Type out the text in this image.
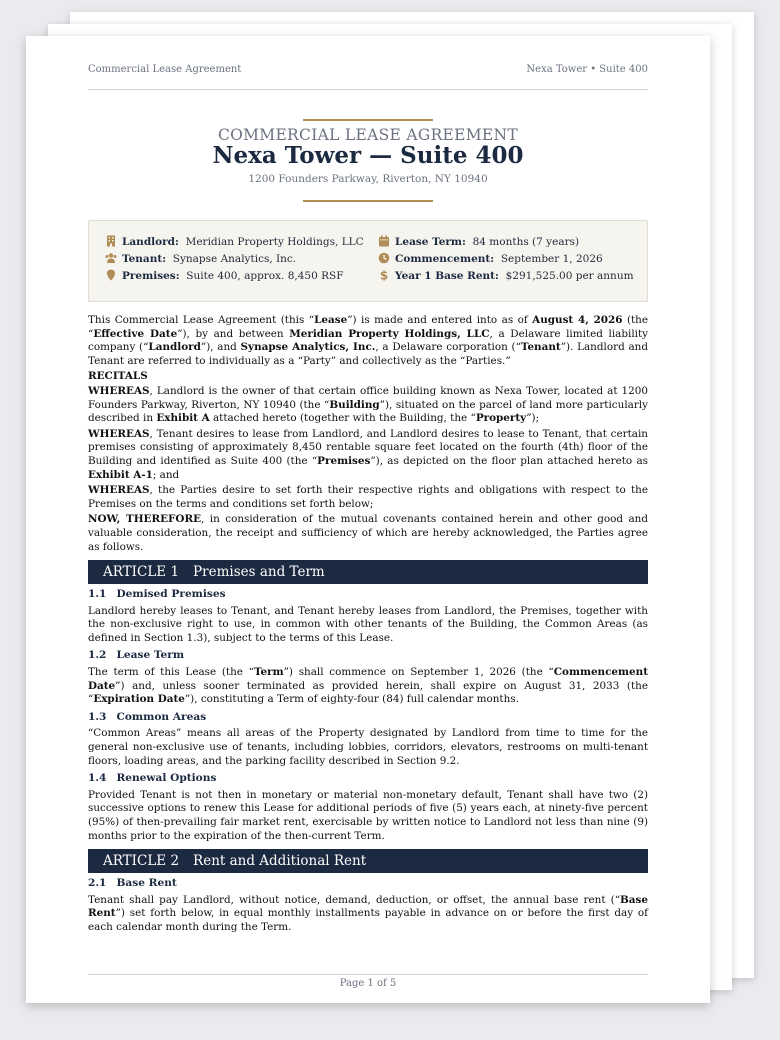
Commercial Lease Agreement	Nexa Tower • Suite 400
COMMERCIAL LEASE AGREEMENT
Nexa Tower — Suite 400
1200 Founders Parkway, Riverton, NY 10940
Landlord: Meridian Property Holdings, LLC
Tenant: Synapse Analytics, Inc.
Premises: Suite 400, approx. 8,450 RSF
Lease Term: 84 months (7 years)
Commencement: September 1, 2026
$ Year 1 Base Rent: $291,525.00 per annum

This Commercial Lease Agreement (this “Lease”) is made and entered into as of August 4, 2026 (the “Effective Date”), by and between Meridian Property Holdings, LLC, a Delaware limited liability company (“Landlord”), and Synapse Analytics, Inc., a Delaware corporation (“Tenant”). Landlord and Tenant are referred to individually as a “Party” and collectively as the “Parties.”

RECITALS

WHEREAS, Landlord is the owner of that certain office building known as Nexa Tower, located at 1200 Founders Parkway, Riverton, NY 10940 (the “Building”), situated on the parcel of land more particularly described in Exhibit A attached hereto (together with the Building, the “Property”);

WHEREAS, Tenant desires to lease from Landlord, and Landlord desires to lease to Tenant, that certain premises consisting of approximately 8,450 rentable square feet located on the fourth (4th) floor of the Building and identified as Suite 400 (the “Premises”), as depicted on the floor plan attached hereto as Exhibit A-1; and

WHEREAS, the Parties desire to set forth their respective rights and obligations with respect to the Premises on the terms and conditions set forth below;

NOW, THEREFORE, in consideration of the mutual covenants contained herein and other good and valuable consideration, the receipt and sufficiency of which are hereby acknowledged, the Parties agree as follows.

ARTICLE 1 Premises and Term
1.1 Demised Premises

Landlord hereby leases to Tenant, and Tenant hereby leases from Landlord, the Premises, together with the non-exclusive right to use, in common with other tenants of the Building, the Common Areas (as defined in Section 1.3), subject to the terms of this Lease.

1.2 Lease Term

The term of this Lease (the “Term”) shall commence on September 1, 2026 (the “Commencement Date”) and, unless sooner terminated as provided herein, shall expire on August 31, 2033 (the “Expiration Date”), constituting a Term of eighty-four (84) full calendar months.

1.3 Common Areas

“Common Areas” means all areas of the Property designated by Landlord from time to time for the general non-exclusive use of tenants, including lobbies, corridors, elevators, restrooms on multi-tenant floors, loading areas, and the parking facility described in Section 9.2.

1.4 Renewal Options

Provided Tenant is not then in monetary or material non-monetary default, Tenant shall have two (2) successive options to renew this Lease for additional periods of five (5) years each, at ninety-five percent (95%) of then-prevailing fair market rent, exercisable by written notice to Landlord not less than nine (9) months prior to the expiration of the then-current Term.

ARTICLE 2 Rent and Additional Rent
2.1 Base Rent

Tenant shall pay Landlord, without notice, demand, deduction, or offset, the annual base rent (“Base Rent”) set forth below, in equal monthly installments payable in advance on or before the first day of each calendar month during the Term.

Page 1 of 5
